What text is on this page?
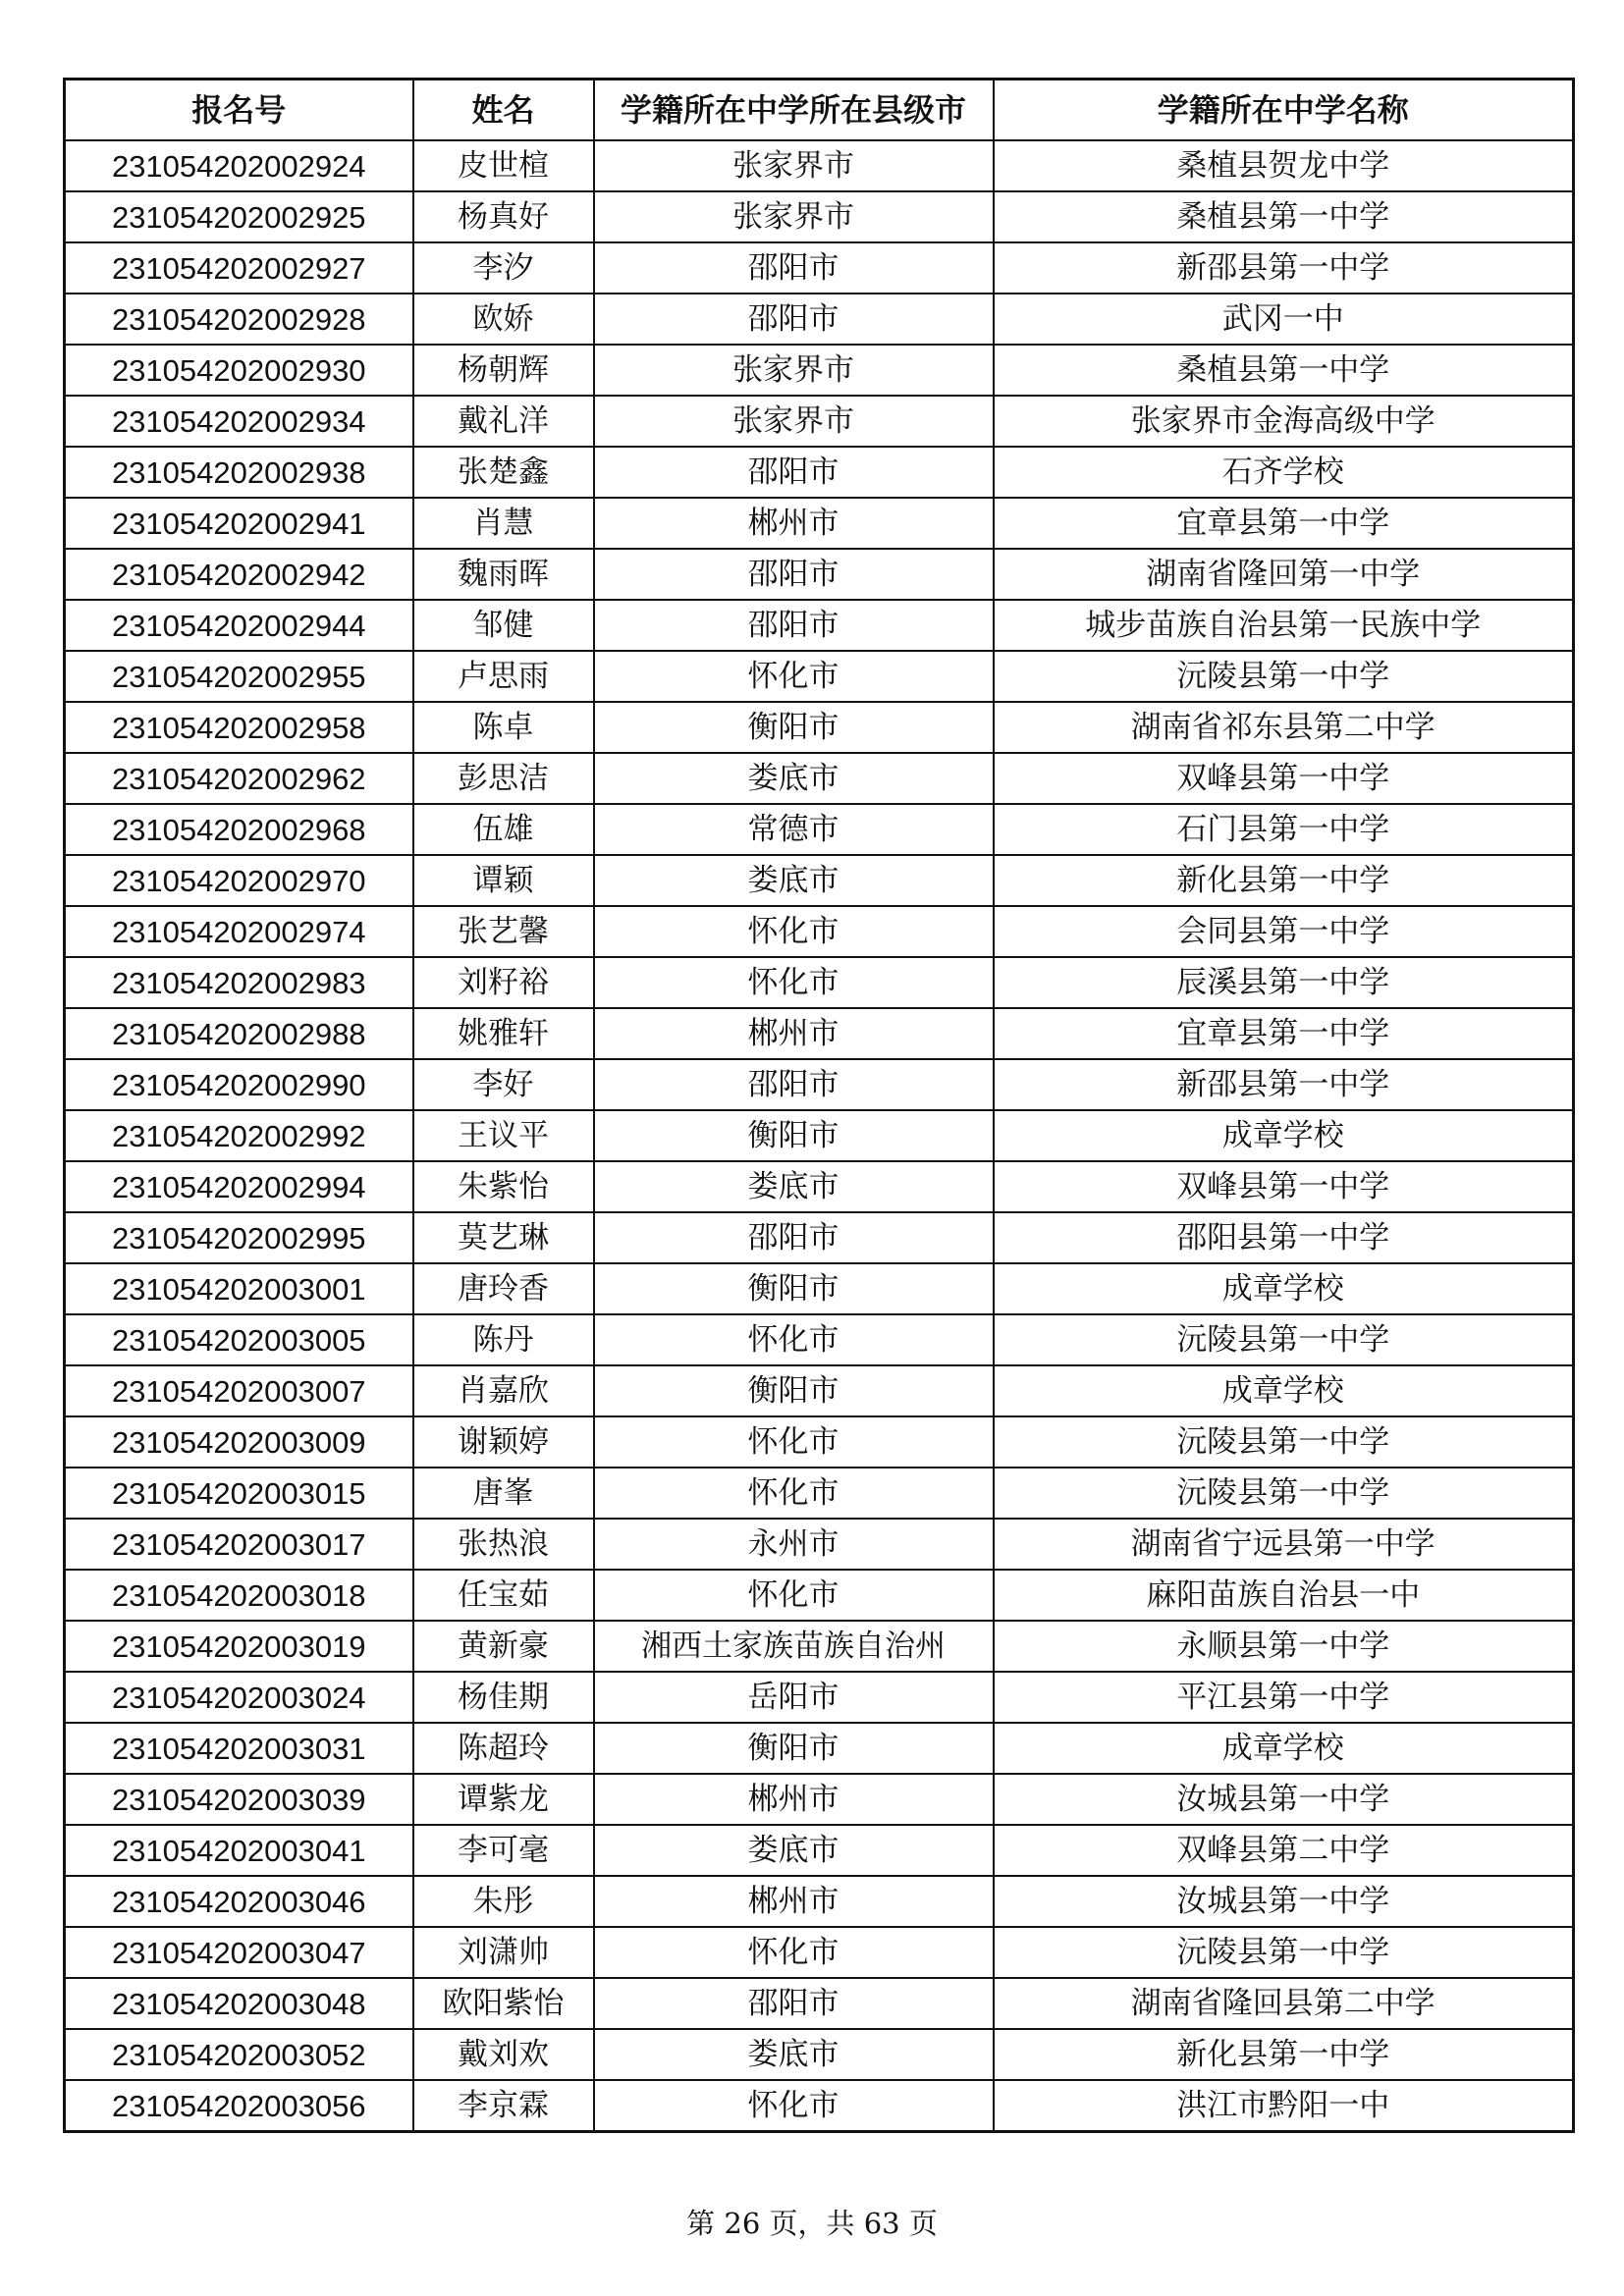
报名号	姓名	学籍所在中学所在县级市	学籍所在中学名称
231054202002924	皮世楦	张家界市	桑植县贺龙中学
231054202002925	杨真好	张家界市	桑植县第一中学
231054202002927	李汐	邵阳市	新邵县第一中学
231054202002928	欧娇	邵阳市	武冈一中
231054202002930	杨朝辉	张家界市	桑植县第一中学
231054202002934	戴礼洋	张家界市	张家界市金海高级中学
231054202002938	张楚鑫	邵阳市	石齐学校
231054202002941	肖慧	郴州市	宜章县第一中学
231054202002942	魏雨晖	邵阳市	湖南省隆回第一中学
231054202002944	邹健	邵阳市	城步苗族自治县第一民族中学
231054202002955	卢思雨	怀化市	沅陵县第一中学
231054202002958	陈卓	衡阳市	湖南省祁东县第二中学
231054202002962	彭思洁	娄底市	双峰县第一中学
231054202002968	伍雄	常德市	石门县第一中学
231054202002970	谭颖	娄底市	新化县第一中学
231054202002974	张艺馨	怀化市	会同县第一中学
231054202002983	刘籽裕	怀化市	辰溪县第一中学
231054202002988	姚雅轩	郴州市	宜章县第一中学
231054202002990	李好	邵阳市	新邵县第一中学
231054202002992	王议平	衡阳市	成章学校
231054202002994	朱紫怡	娄底市	双峰县第一中学
231054202002995	莫艺琳	邵阳市	邵阳县第一中学
231054202003001	唐玲香	衡阳市	成章学校
231054202003005	陈丹	怀化市	沅陵县第一中学
231054202003007	肖嘉欣	衡阳市	成章学校
231054202003009	谢颖婷	怀化市	沅陵县第一中学
231054202003015	唐峯	怀化市	沅陵县第一中学
231054202003017	张热浪	永州市	湖南省宁远县第一中学
231054202003018	任宝茹	怀化市	麻阳苗族自治县一中
231054202003019	黄新豪	湘西土家族苗族自治州	永顺县第一中学
231054202003024	杨佳期	岳阳市	平江县第一中学
231054202003031	陈超玲	衡阳市	成章学校
231054202003039	谭紫龙	郴州市	汝城县第一中学
231054202003041	李可毫	娄底市	双峰县第二中学
231054202003046	朱彤	郴州市	汝城县第一中学
231054202003047	刘潇帅	怀化市	沅陵县第一中学
231054202003048	欧阳紫怡	邵阳市	湖南省隆回县第二中学
231054202003052	戴刘欢	娄底市	新化县第一中学
231054202003056	李京霖	怀化市	洪江市黔阳一中
第 26 页，共 63 页
